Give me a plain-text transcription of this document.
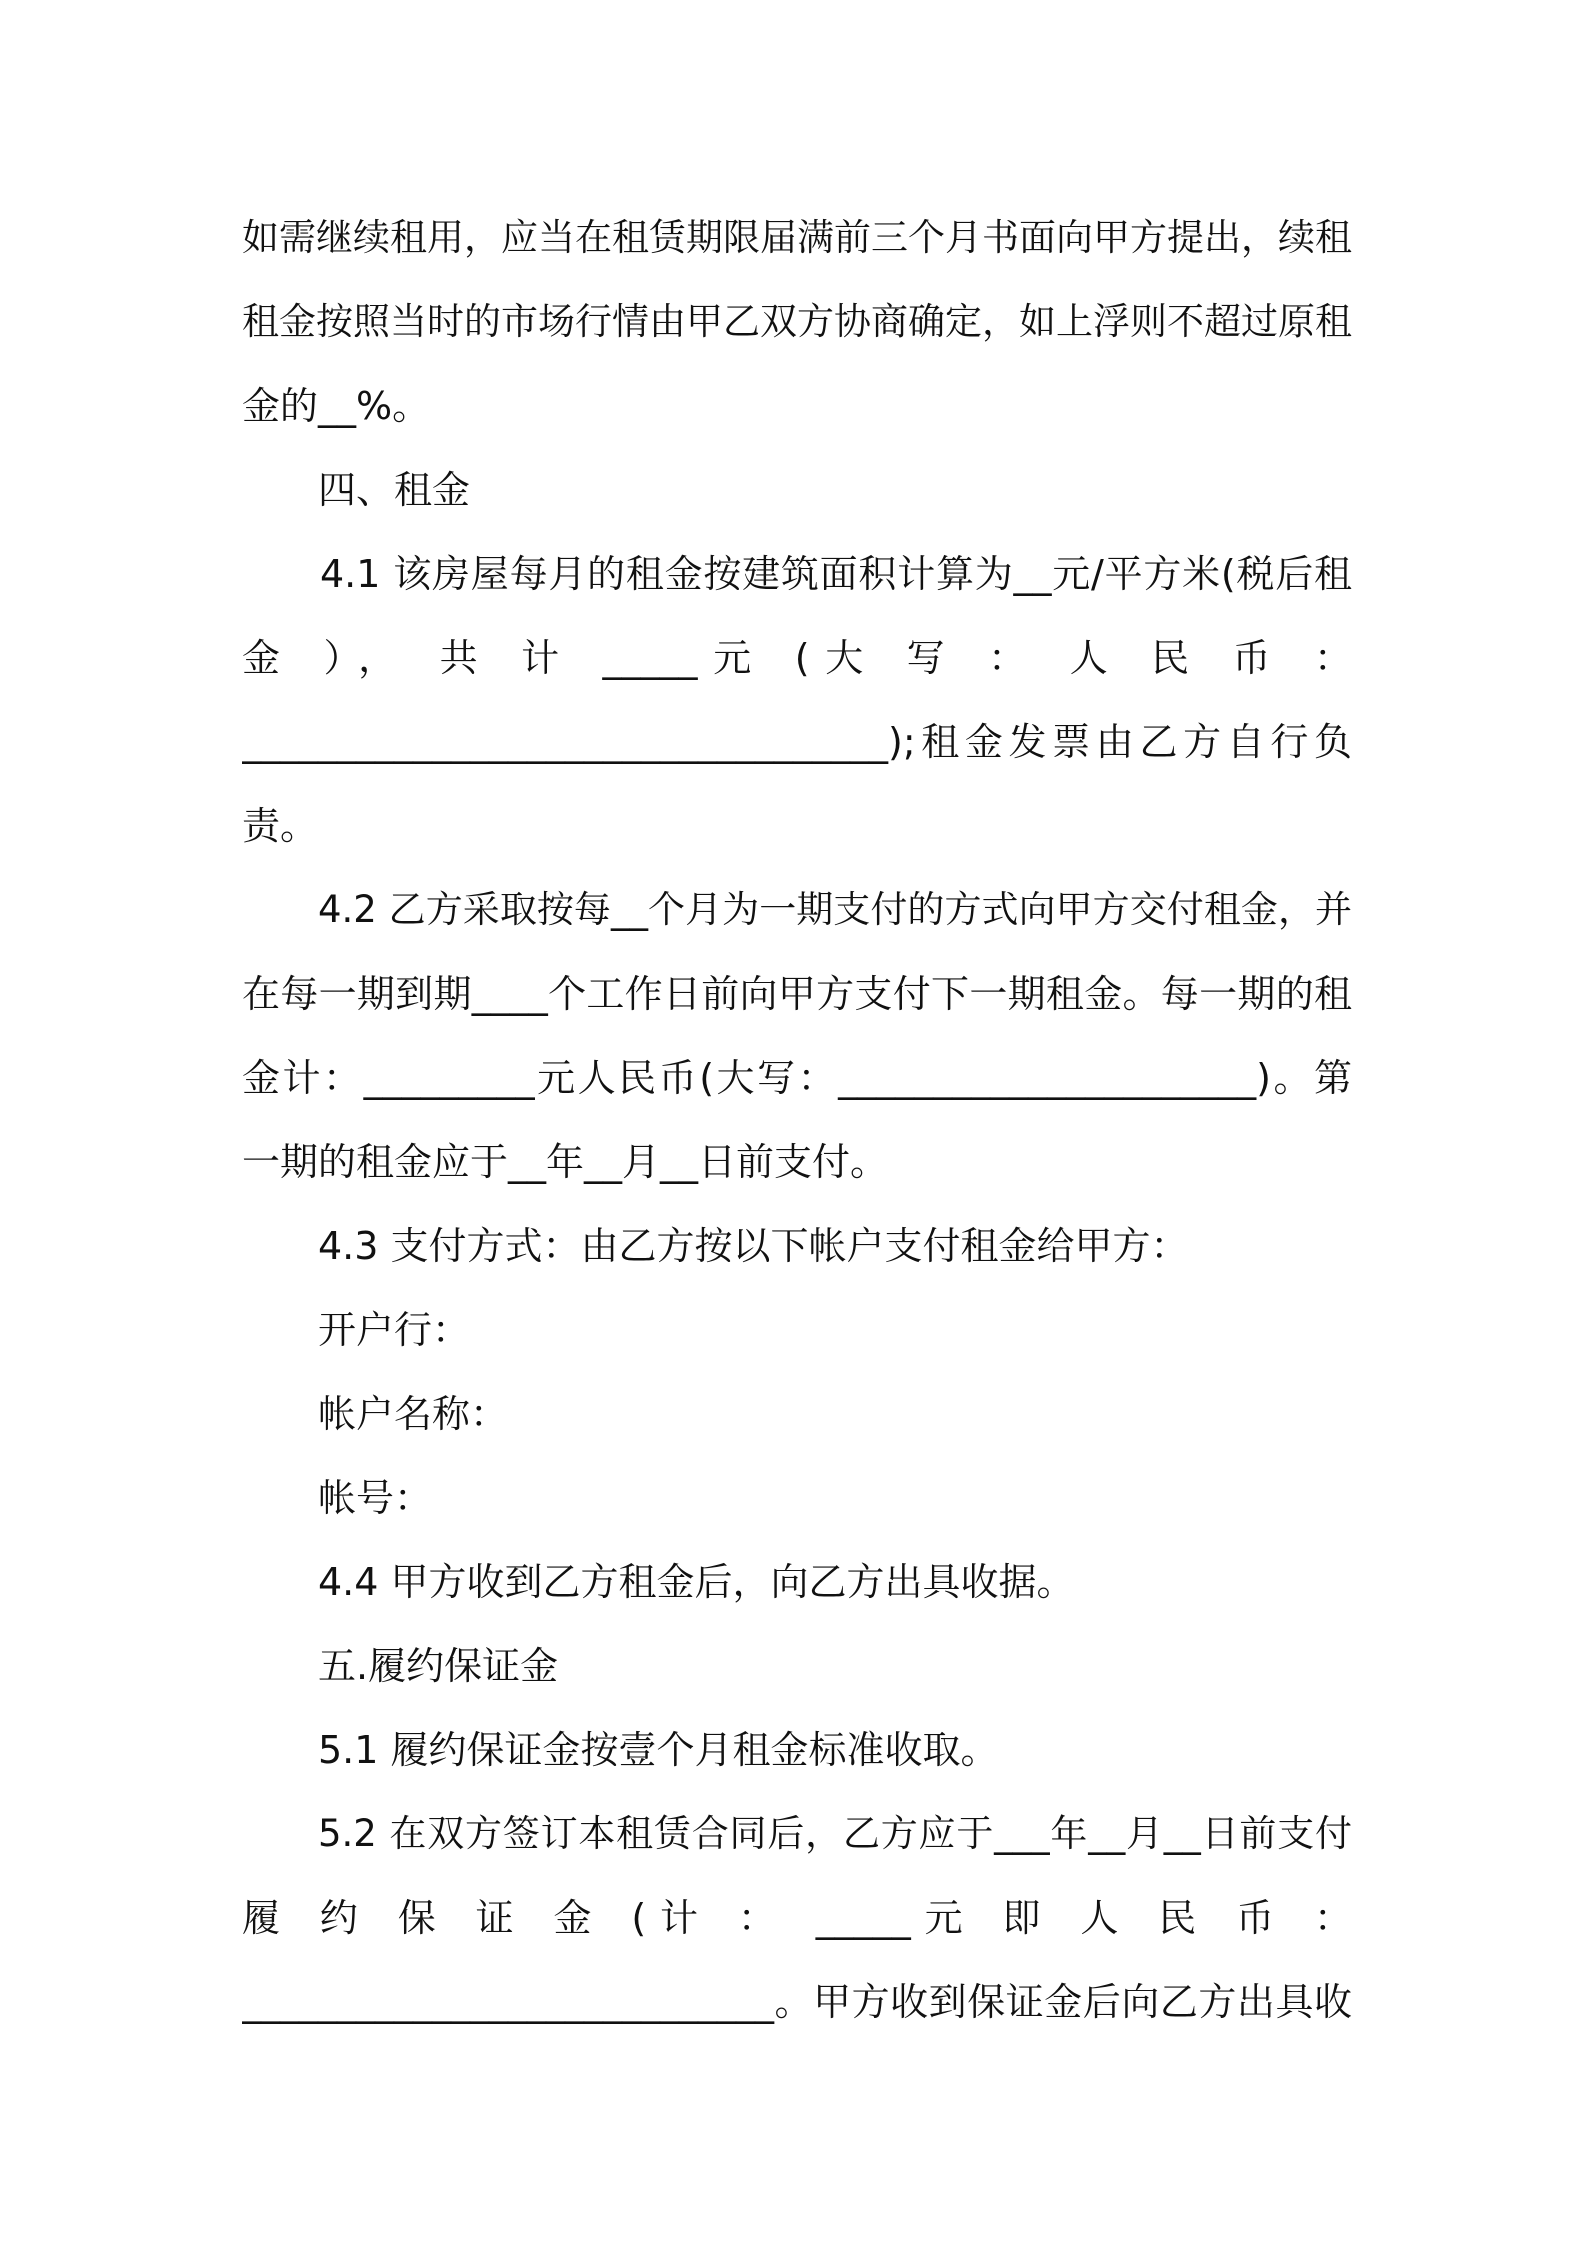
如需继续租用，应当在租赁期限届满前三个月书面向甲方提出，续租
租金按照当时的市场行情由甲乙双方协商确定，如上浮则不超过原租
金的__%。
四、租金
4.1 该房屋每月的租金按建筑面积计算为__元/平方米(税后租
金 ）， 共 计 _____元 (大 写 ： 人 民 币 ：
__________________________________);租金发票由乙方自行负
责。
4.2 乙方采取按每__个月为一期支付的方式向甲方交付租金，并
在每一期到期____个工作日前向甲方支付下一期租金。每一期的租
金计：_________元人民币(大写：______________________)。第
一期的租金应于__年__月__日前支付。
4.3 支付方式：由乙方按以下帐户支付租金给甲方：
开户行：
帐户名称：
帐号：
4.4 甲方收到乙方租金后，向乙方出具收据。
五.履约保证金
5.1 履约保证金按壹个月租金标准收取。
5.2 在双方签订本租赁合同后，乙方应于___年__月__日前支付
履 约 保 证 金 (计 ： _____元 即 人 民 币 ：
____________________________。甲方收到保证金后向乙方出具收
